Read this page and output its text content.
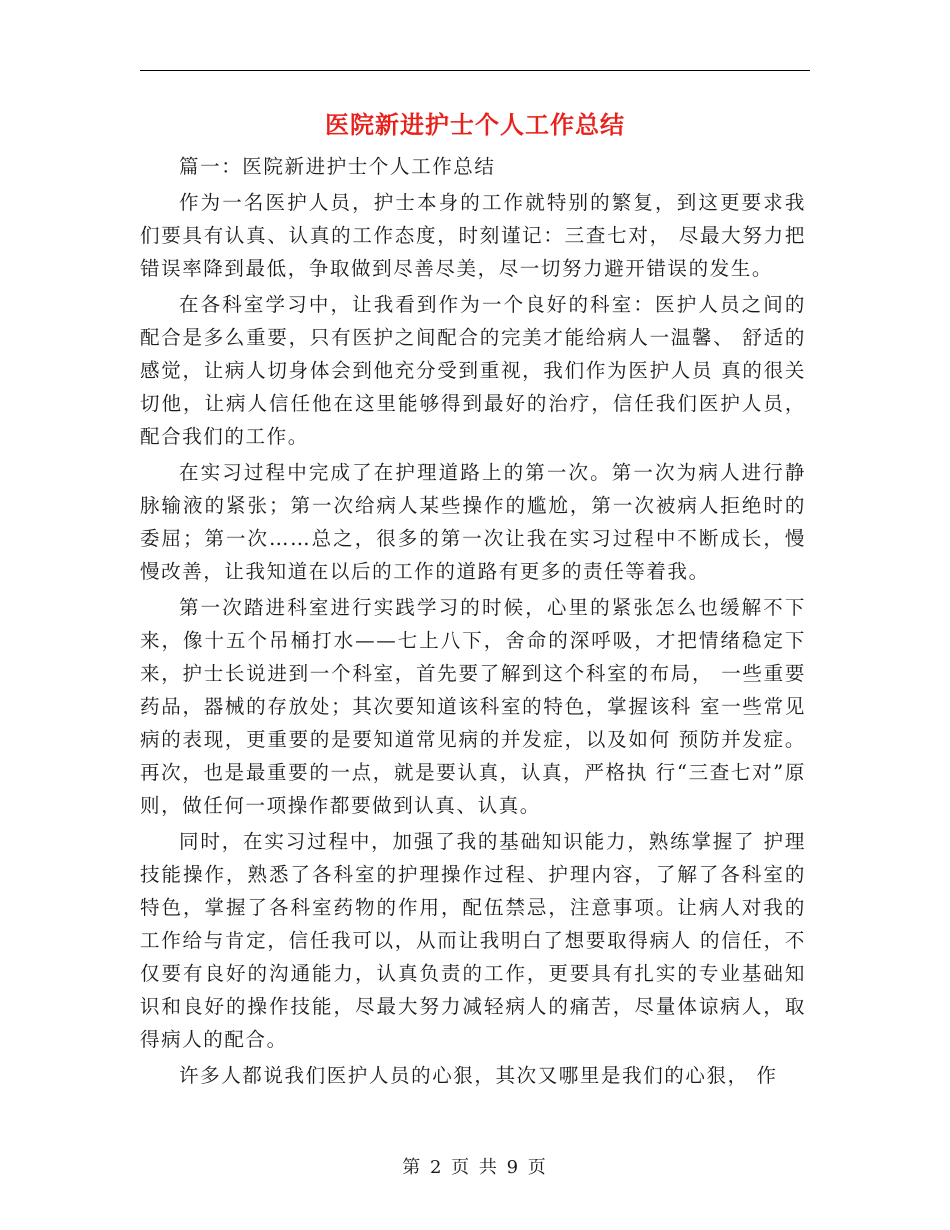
医院新进护士个人工作总结

篇一：医院新进护士个人工作总结

作为一名医护人员，护士本身的工作就特别的繁复，到这更要求我们要具有认真、认真的工作态度，时刻谨记：三查七对， 尽最大努力把错误率降到最低，争取做到尽善尽美，尽一切努力避开错误的发生。

在各科室学习中，让我看到作为一个良好的科室：医护人员之间的配合是多么重要，只有医护之间配合的完美才能给病人一温馨、 舒适的感觉，让病人切身体会到他充分受到重视，我们作为医护人员 真的很关切他，让病人信任他在这里能够得到最好的治疗，信任我们医护人员，配合我们的工作。

在实习过程中完成了在护理道路上的第一次。第一次为病人进行静脉输液的紧张；第一次给病人某些操作的尴尬，第一次被病人拒绝时的委屈；第一次……总之，很多的第一次让我在实习过程中不断成长，慢慢改善，让我知道在以后的工作的道路有更多的责任等着我。

第一次踏进科室进行实践学习的时候，心里的紧张怎么也缓解不下来，像十五个吊桶打水——七上八下，舍命的深呼吸，才把情绪稳定下来，护士长说进到一个科室，首先要了解到这个科室的布局， 一些重要药品，器械的存放处；其次要知道该科室的特色，掌握该科 室一些常见病的表现，更重要的是要知道常见病的并发症，以及如何 预防并发症。再次，也是最重要的一点，就是要认真，认真，严格执 行“三查七对”原则，做任何一项操作都要做到认真、认真。

同时，在实习过程中，加强了我的基础知识能力，熟练掌握了 护理技能操作，熟悉了各科室的护理操作过程、护理内容，了解了各科室的特色，掌握了各科室药物的作用，配伍禁忌，注意事项。让病人对我的工作给与肯定，信任我可以，从而让我明白了想要取得病人 的信任，不仅要有良好的沟通能力，认真负责的工作，更要具有扎实的专业基础知识和良好的操作技能，尽最大努力减轻病人的痛苦，尽量体谅病人，取得病人的配合。

许多人都说我们医护人员的心狠，其次又哪里是我们的心狠， 作

第 2 页 共 9 页
